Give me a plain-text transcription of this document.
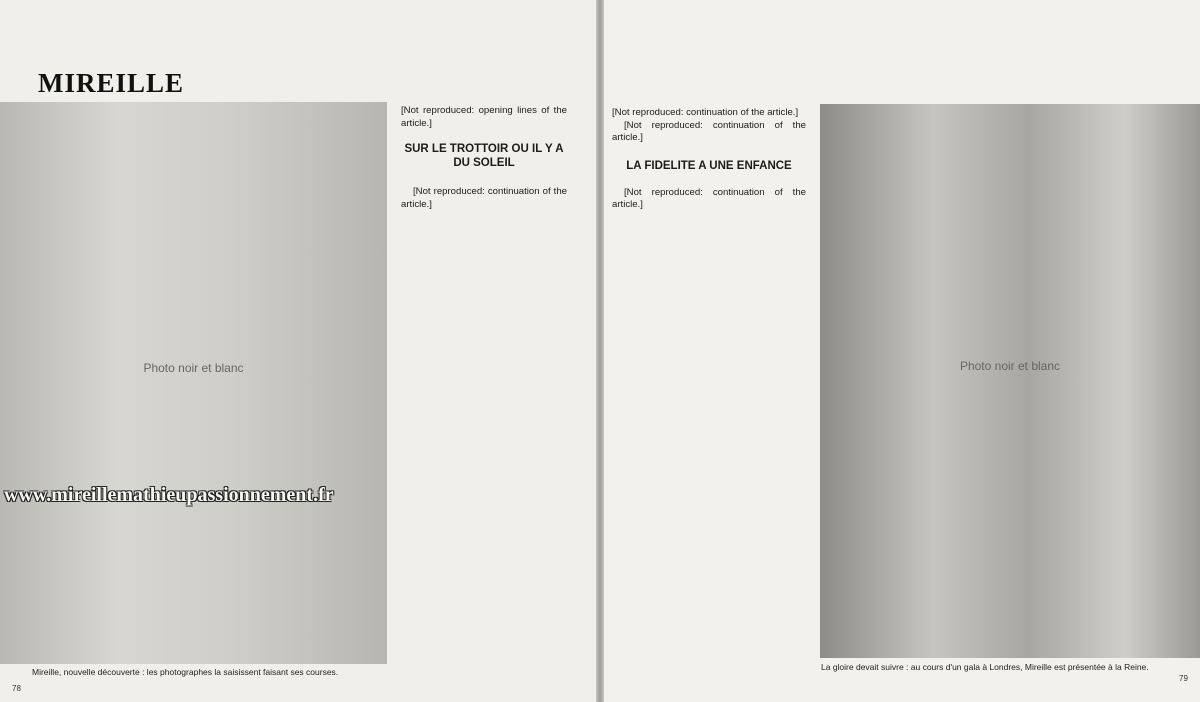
MIREILLE
Photo noir et blanc	Photo noir et blanc

[Not reproduced: opening lines of the article.]

SUR LE TROTTOIR OU IL Y A DU SOLEIL

[Not reproduced: continuation of the article.]

[Not reproduced: continuation of the article.]

[Not reproduced: continuation of the article.]

LA FIDELITE A UNE ENFANCE

[Not reproduced: continuation of the article.]

Mireille, nouvelle découverte : les photographes la saisissent faisant ses courses.	La gloire devait suivre : au cours d'un gala à Londres, Mireille est présentée à la Reine.
78
79
www.mireillemathieupassionnement.fr
